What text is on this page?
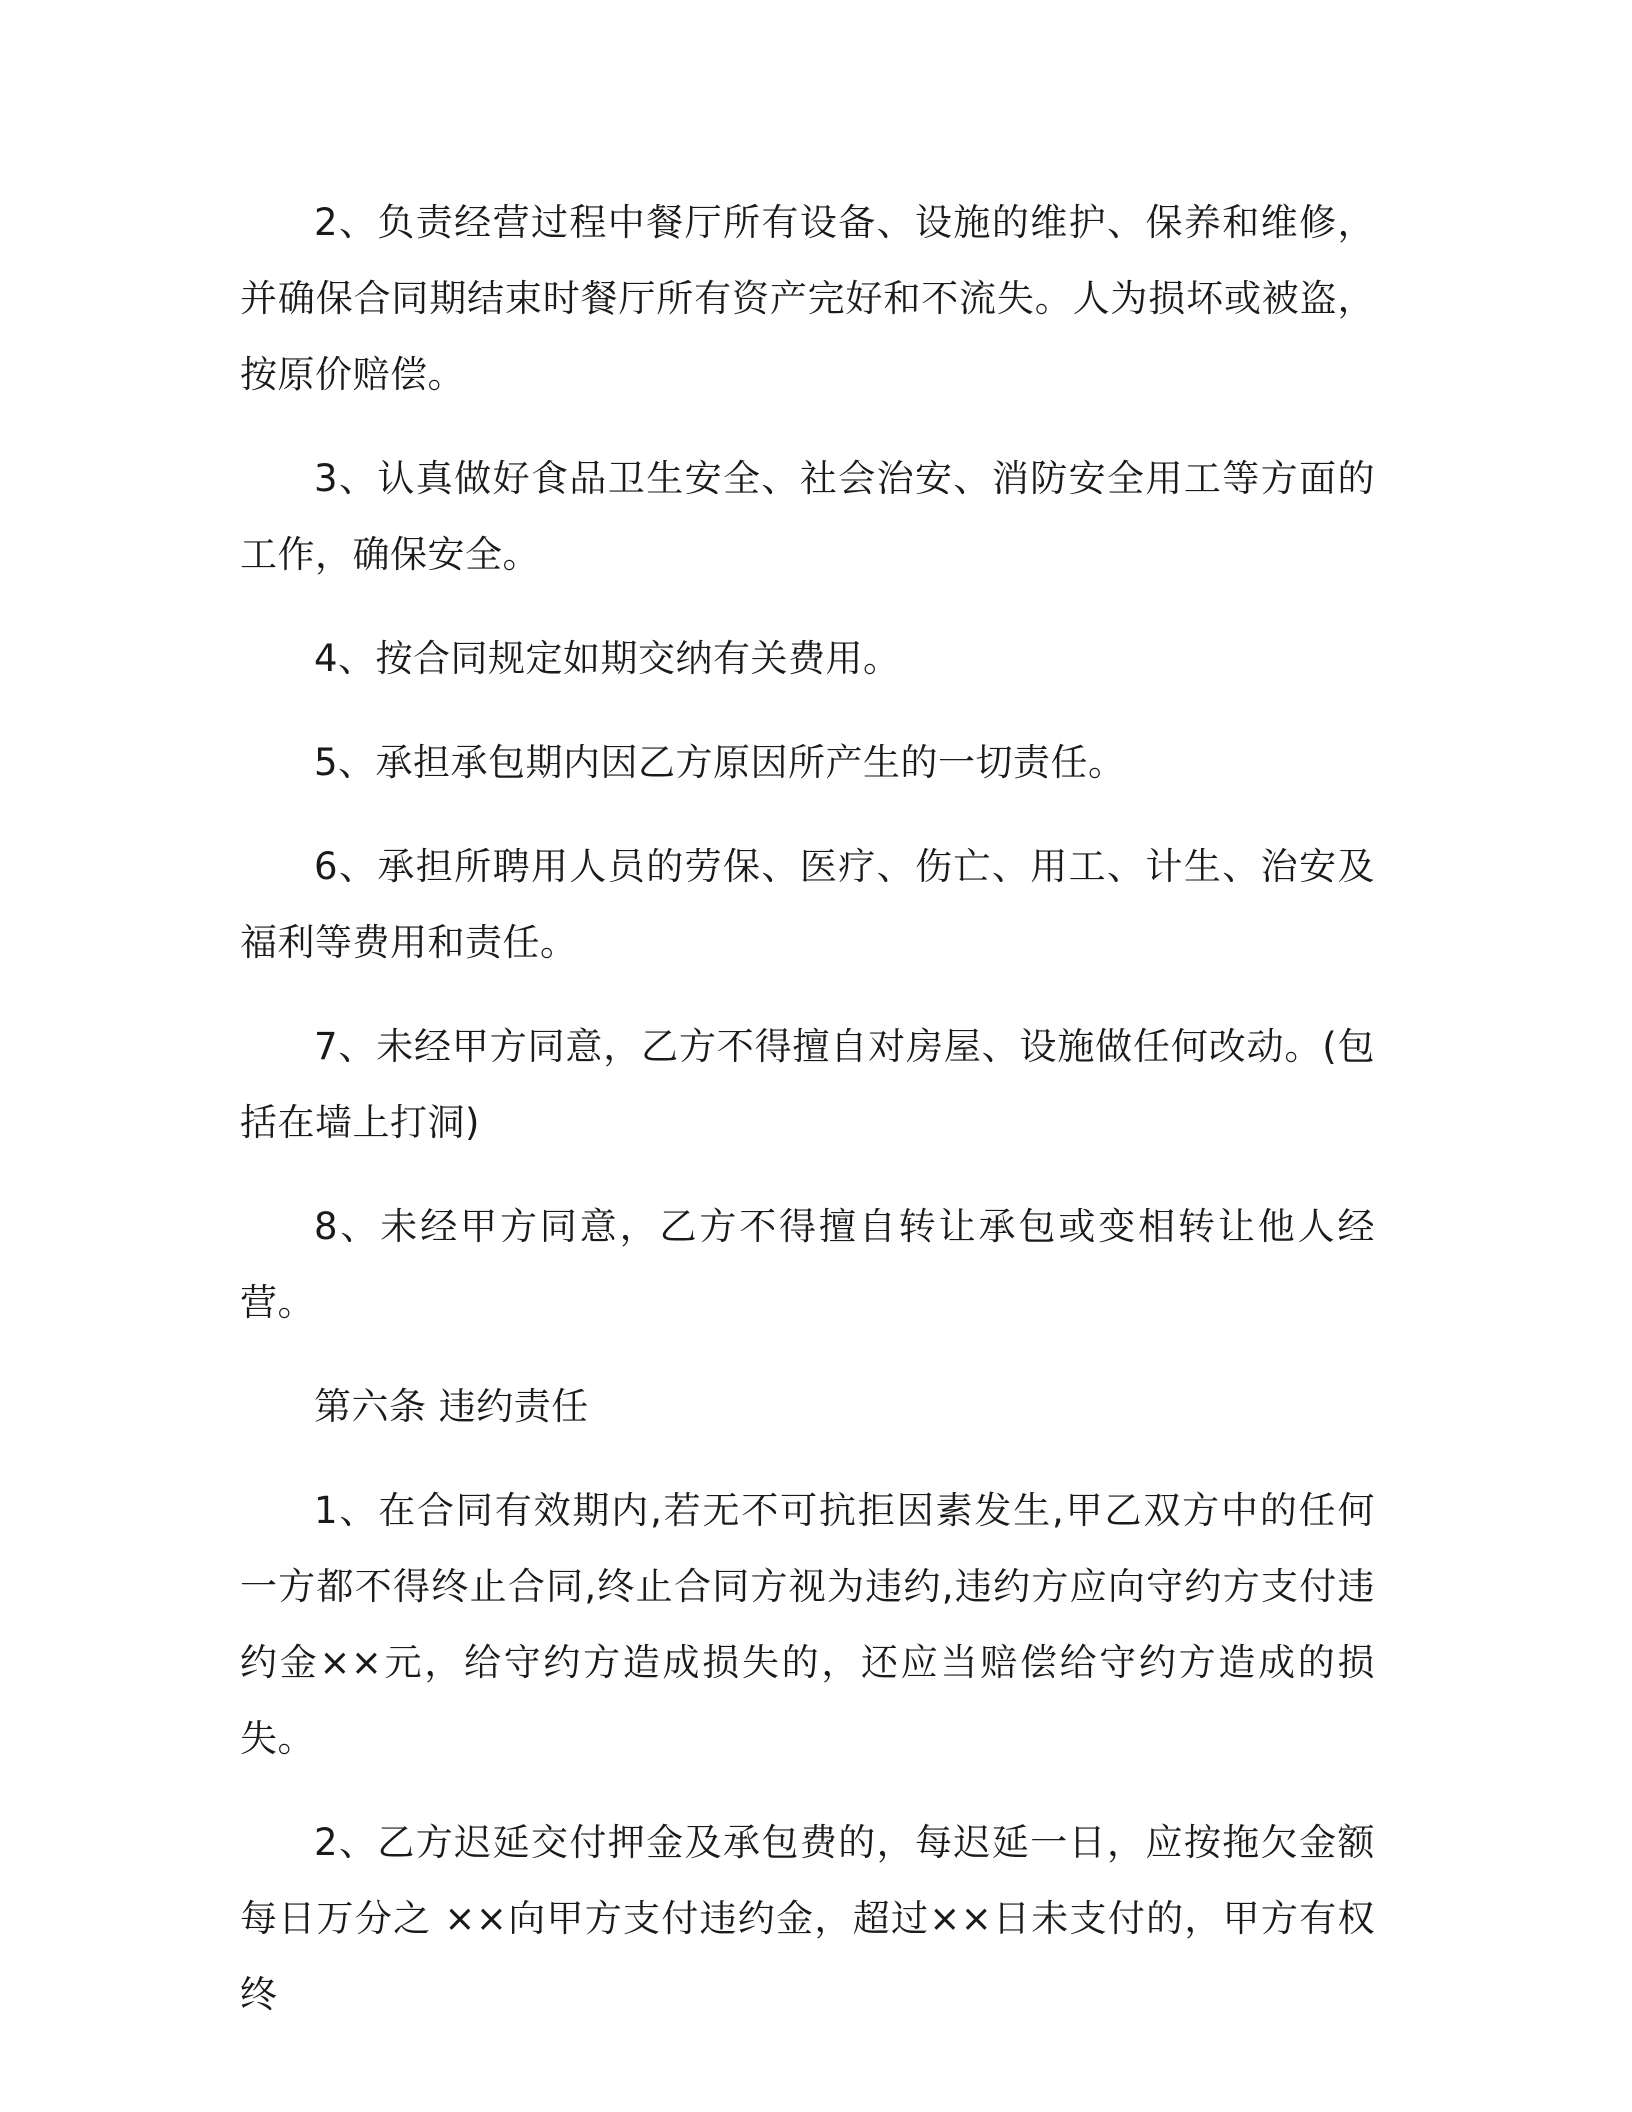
2、负责经营过程中餐厅所有设备、设施的维护、保养和维修，并确保合同期结束时餐厅所有资产完好和不流失。人为损坏或被盗，按原价赔偿。

3、认真做好食品卫生安全、社会治安、消防安全用工等方面的工作，确保安全。

4、按合同规定如期交纳有关费用。

5、承担承包期内因乙方原因所产生的一切责任。

6、承担所聘用人员的劳保、医疗、伤亡、用工、计生、治安及福利等费用和责任。

7、未经甲方同意，乙方不得擅自对房屋、设施做任何改动。(包括在墙上打洞)

8、未经甲方同意，乙方不得擅自转让承包或变相转让他人经营。

第六条 违约责任

1、在合同有效期内,若无不可抗拒因素发生,甲乙双方中的任何一方都不得终止合同,终止合同方视为违约,违约方应向守约方支付违约金××元，给守约方造成损失的，还应当赔偿给守约方造成的损失。

2、乙方迟延交付押金及承包费的，每迟延一日，应按拖欠金额每日万分之 ××向甲方支付违约金，超过××日未支付的，甲方有权终
